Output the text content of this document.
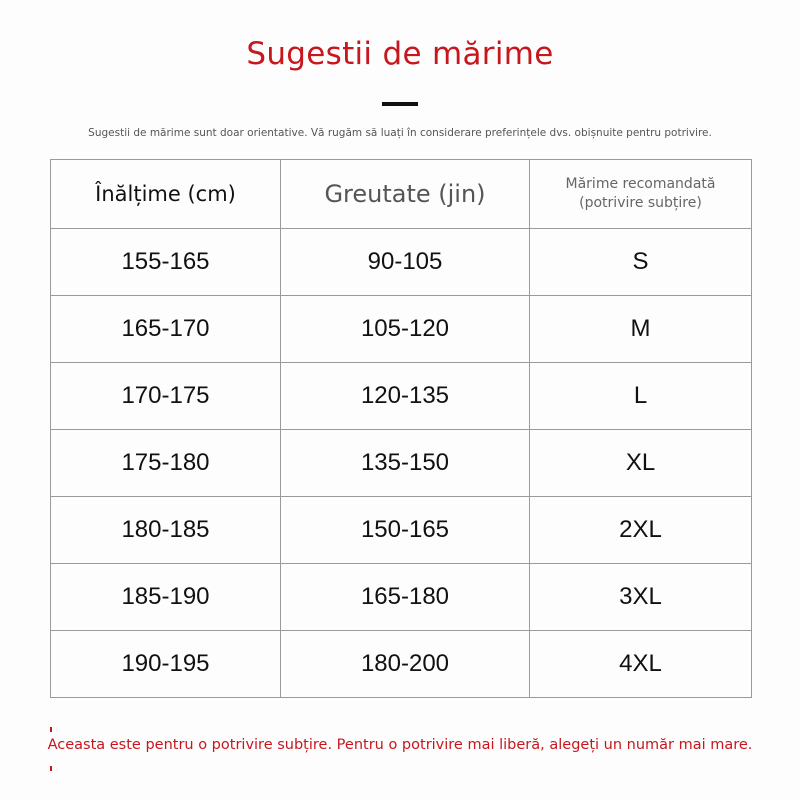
Sugestii de mărime
Sugestii de mărime sunt doar orientative. Vă rugăm să luați în considerare preferințele dvs. obișnuite pentru potrivire.
Înălțime (cm)	Greutate (jin)	Mărime recomandată
(potrivire subțire)

155-165	90-105	S
165-170	105-120	M
170-175	120-135	L
175-180	135-150	XL
180-185	150-165	2XL
185-190	165-180	3XL
190-195	180-200	4XL
Aceasta este pentru o potrivire subțire. Pentru o potrivire mai liberă, alegeți un număr mai mare.
